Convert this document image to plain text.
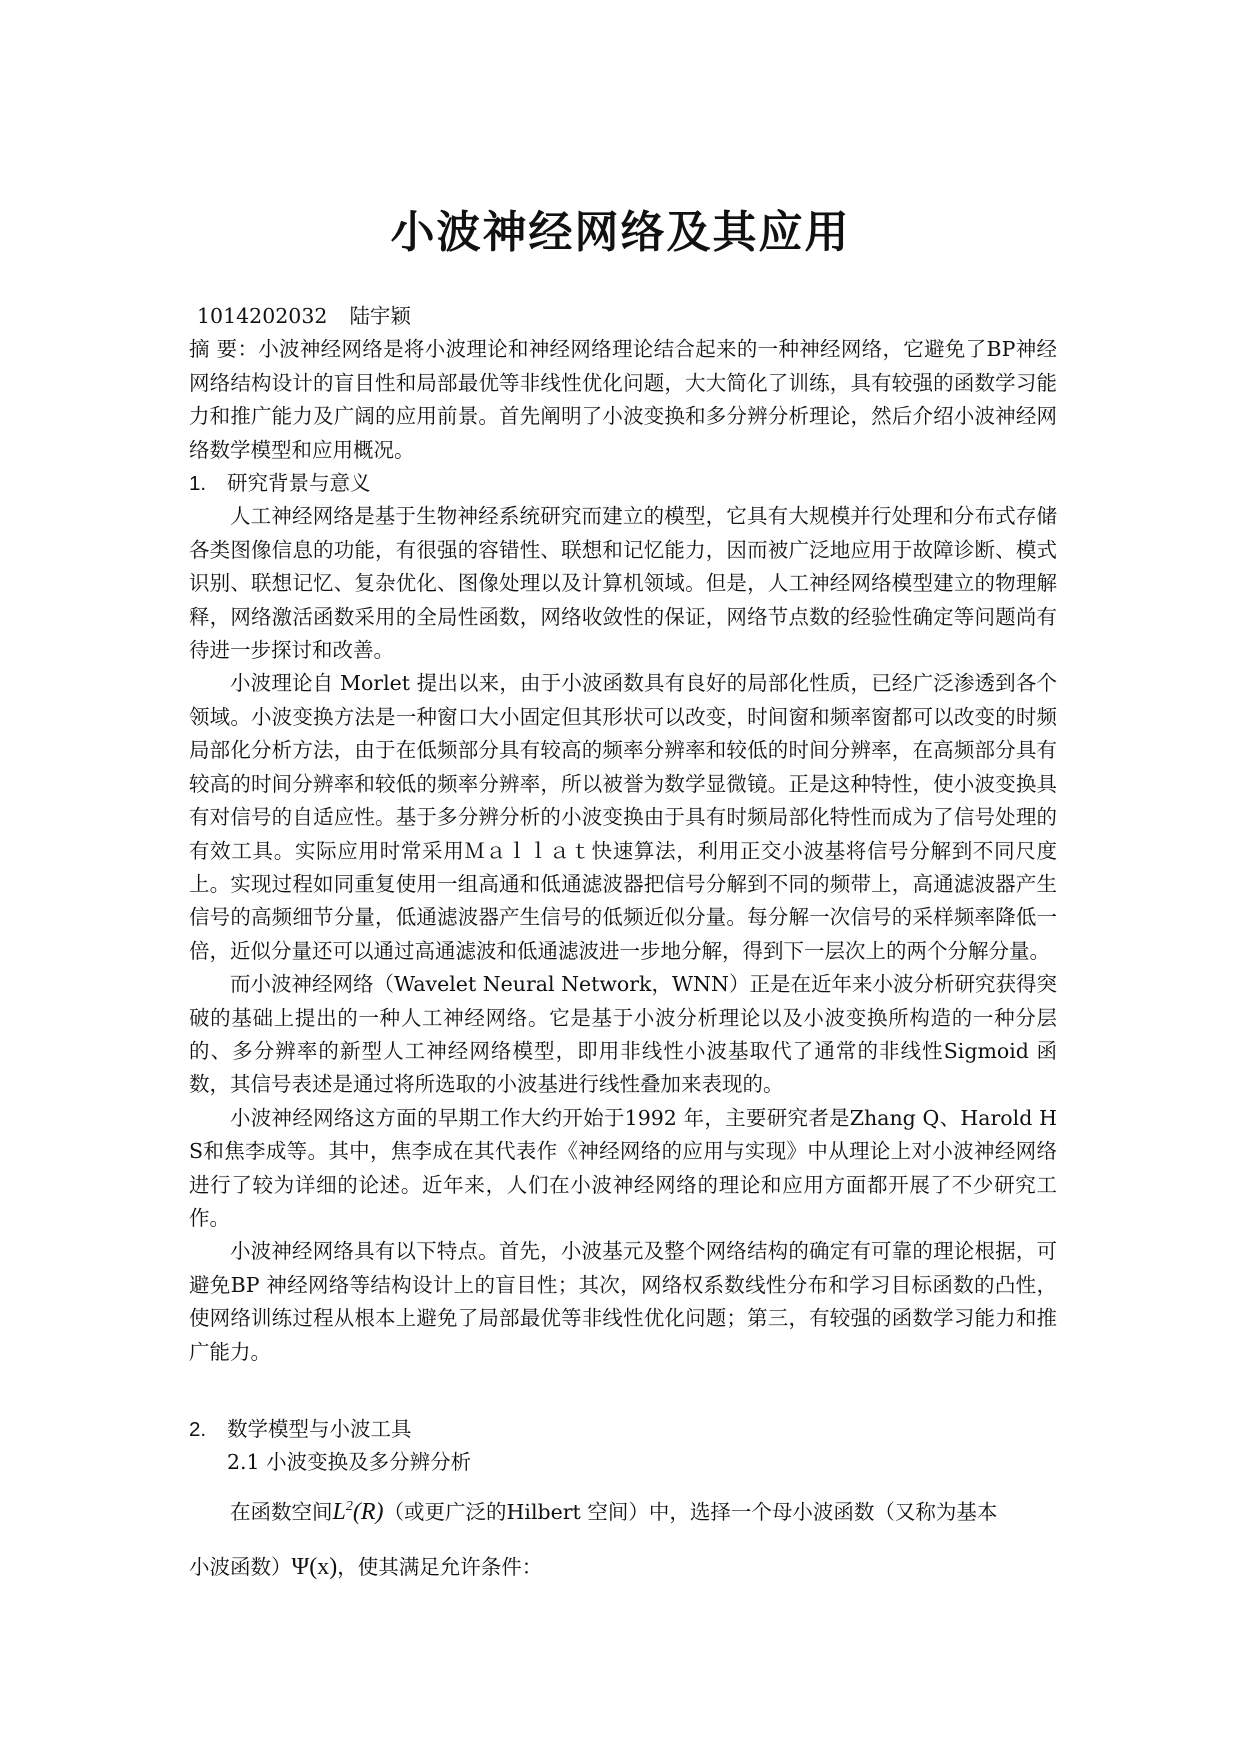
小波神经网络及其应用

1014202032 陆宇颖

摘 要：小波神经网络是将小波理论和神经网络理论结合起来的一种神经网络，它避免了BP神经网络结构设计的盲目性和局部最优等非线性优化问题，大大简化了训练，具有较强的函数学习能力和推广能力及广阔的应用前景。首先阐明了小波变换和多分辨分析理论，然后介绍小波神经网络数学模型和应用概况。

1.	研究背景与意义

人工神经网络是基于生物神经系统研究而建立的模型，它具有大规模并行处理和分布式存储各类图像信息的功能，有很强的容错性、联想和记忆能力，因而被广泛地应用于故障诊断、模式识别、联想记忆、复杂优化、图像处理以及计算机领域。但是，人工神经网络模型建立的物理解释，网络激活函数采用的全局性函数，网络收敛性的保证，网络节点数的经验性确定等问题尚有待进一步探讨和改善。

小波理论自 Morlet 提出以来，由于小波函数具有良好的局部化性质，已经广泛渗透到各个领域。小波变换方法是一种窗口大小固定但其形状可以改变，时间窗和频率窗都可以改变的时频局部化分析方法，由于在低频部分具有较高的频率分辨率和较低的时间分辨率，在高频部分具有较高的时间分辨率和较低的频率分辨率，所以被誉为数学显微镜。正是这种特性，使小波变换具有对信号的自适应性。基于多分辨分析的小波变换由于具有时频局部化特性而成为了信号处理的有效工具。实际应用时常采用Ｍａｌｌａｔ快速算法，利用正交小波基将信号分解到不同尺度上。实现过程如同重复使用一组高通和低通滤波器把信号分解到不同的频带上，高通滤波器产生信号的高频细节分量，低通滤波器产生信号的低频近似分量。每分解一次信号的采样频率降低一倍，近似分量还可以通过高通滤波和低通滤波进一步地分解，得到下一层次上的两个分解分量。

而小波神经网络（Wavelet Neural Network，WNN）正是在近年来小波分析研究获得突破的基础上提出的一种人工神经网络。它是基于小波分析理论以及小波变换所构造的一种分层的、多分辨率的新型人工神经网络模型，即用非线性小波基取代了通常的非线性Sigmoid 函数，其信号表述是通过将所选取的小波基进行线性叠加来表现的。

小波神经网络这方面的早期工作大约开始于1992 年，主要研究者是Zhang Q、Harold H S和焦李成等。其中，焦李成在其代表作《神经网络的应用与实现》中从理论上对小波神经网络进行了较为详细的论述。近年来，人们在小波神经网络的理论和应用方面都开展了不少研究工作。

小波神经网络具有以下特点。首先，小波基元及整个网络结构的确定有可靠的理论根据，可避免BP 神经网络等结构设计上的盲目性；其次，网络权系数线性分布和学习目标函数的凸性，使网络训练过程从根本上避免了局部最优等非线性优化问题；第三，有较强的函数学习能力和推广能力。

2.	数学模型与小波工具

2.1 小波变换及多分辨分析

在函数空间$L^2(R)$（或更广泛的Hilbert 空间）中，选择一个母小波函数（又称为基本

小波函数）Ψ(x)，使其满足允许条件：
